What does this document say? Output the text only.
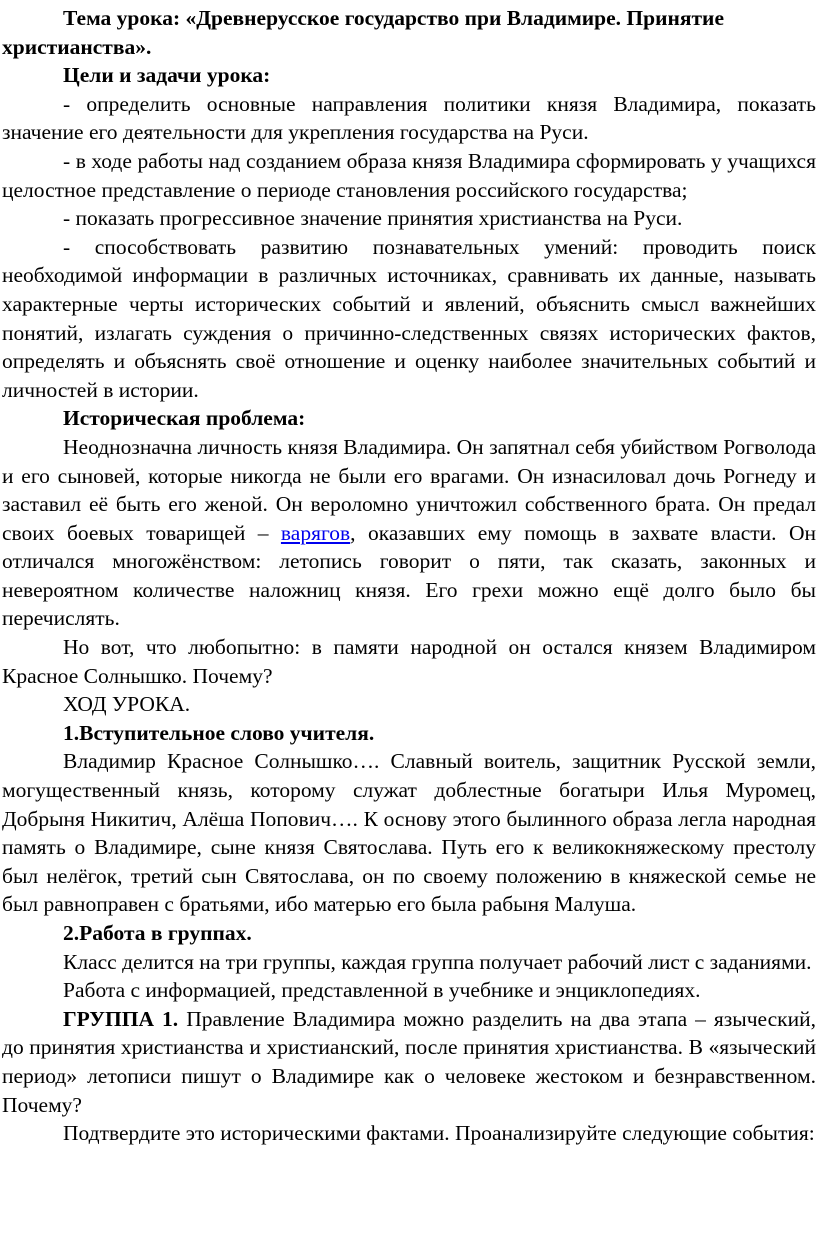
Тема урока: «Древнерусское государство при Владимире. Принятие христианства».

Цели и задачи урока:

- определить основные направления политики князя Владимира, показать значение его деятельности для укрепления государства на Руси.

- в ходе работы над созданием образа князя Владимира сформировать у учащихся целостное представление о периоде становления российского государства;

- показать прогрессивное значение принятия христианства на Руси.

- способствовать развитию познавательных умений: проводить поиск необходимой информации в различных источниках, сравнивать их данные, называть характерные черты исторических событий и явлений, объяснить смысл важнейших понятий, излагать суждения о причинно-следственных связях исторических фактов, определять и объяснять своё отношение и оценку наиболее значительных событий и личностей в истории.

Историческая проблема:

Неоднозначна личность князя Владимира. Он запятнал себя убийством Рогволода и его сыновей, которые никогда не были его врагами. Он изнасиловал дочь Рогнеду и заставил её быть его женой. Он вероломно уничтожил собственного брата. Он предал своих боевых товарищей – варягов, оказавших ему помощь в захвате власти. Он отличался многожёнством: летопись говорит о пяти, так сказать, законных и невероятном количестве наложниц князя. Его грехи можно ещё долго было бы перечислять.

Но вот, что любопытно: в памяти народной он остался князем Владимиром Красное Солнышко. Почему?

ХОД УРОКА.

1.Вступительное слово учителя.

Владимир Красное Солнышко…. Славный воитель, защитник Русской земли, могущественный князь, которому служат доблестные богатыри Илья Муромец, Добрыня Никитич, Алёша Попович…. К основу этого былинного образа легла народная память о Владимире, сыне князя Святослава. Путь его к великокняжескому престолу был нелёгок, третий сын Святослава, он по своему положению в княжеской семье не был равноправен с братьями, ибо матерью его была рабыня Малуша.

2.Работа в группах.

Класс делится на три группы, каждая группа получает рабочий лист с заданиями.

Работа с информацией, представленной в учебнике и энциклопедиях.

ГРУППА 1. Правление Владимира можно разделить на два этапа – языческий, до принятия христианства и христианский, после принятия христианства. В «языческий период» летописи пишут о Владимире как о человеке жестоком и безнравственном. Почему?

Подтвердите это историческими фактами. Проанализируйте следующие события:
